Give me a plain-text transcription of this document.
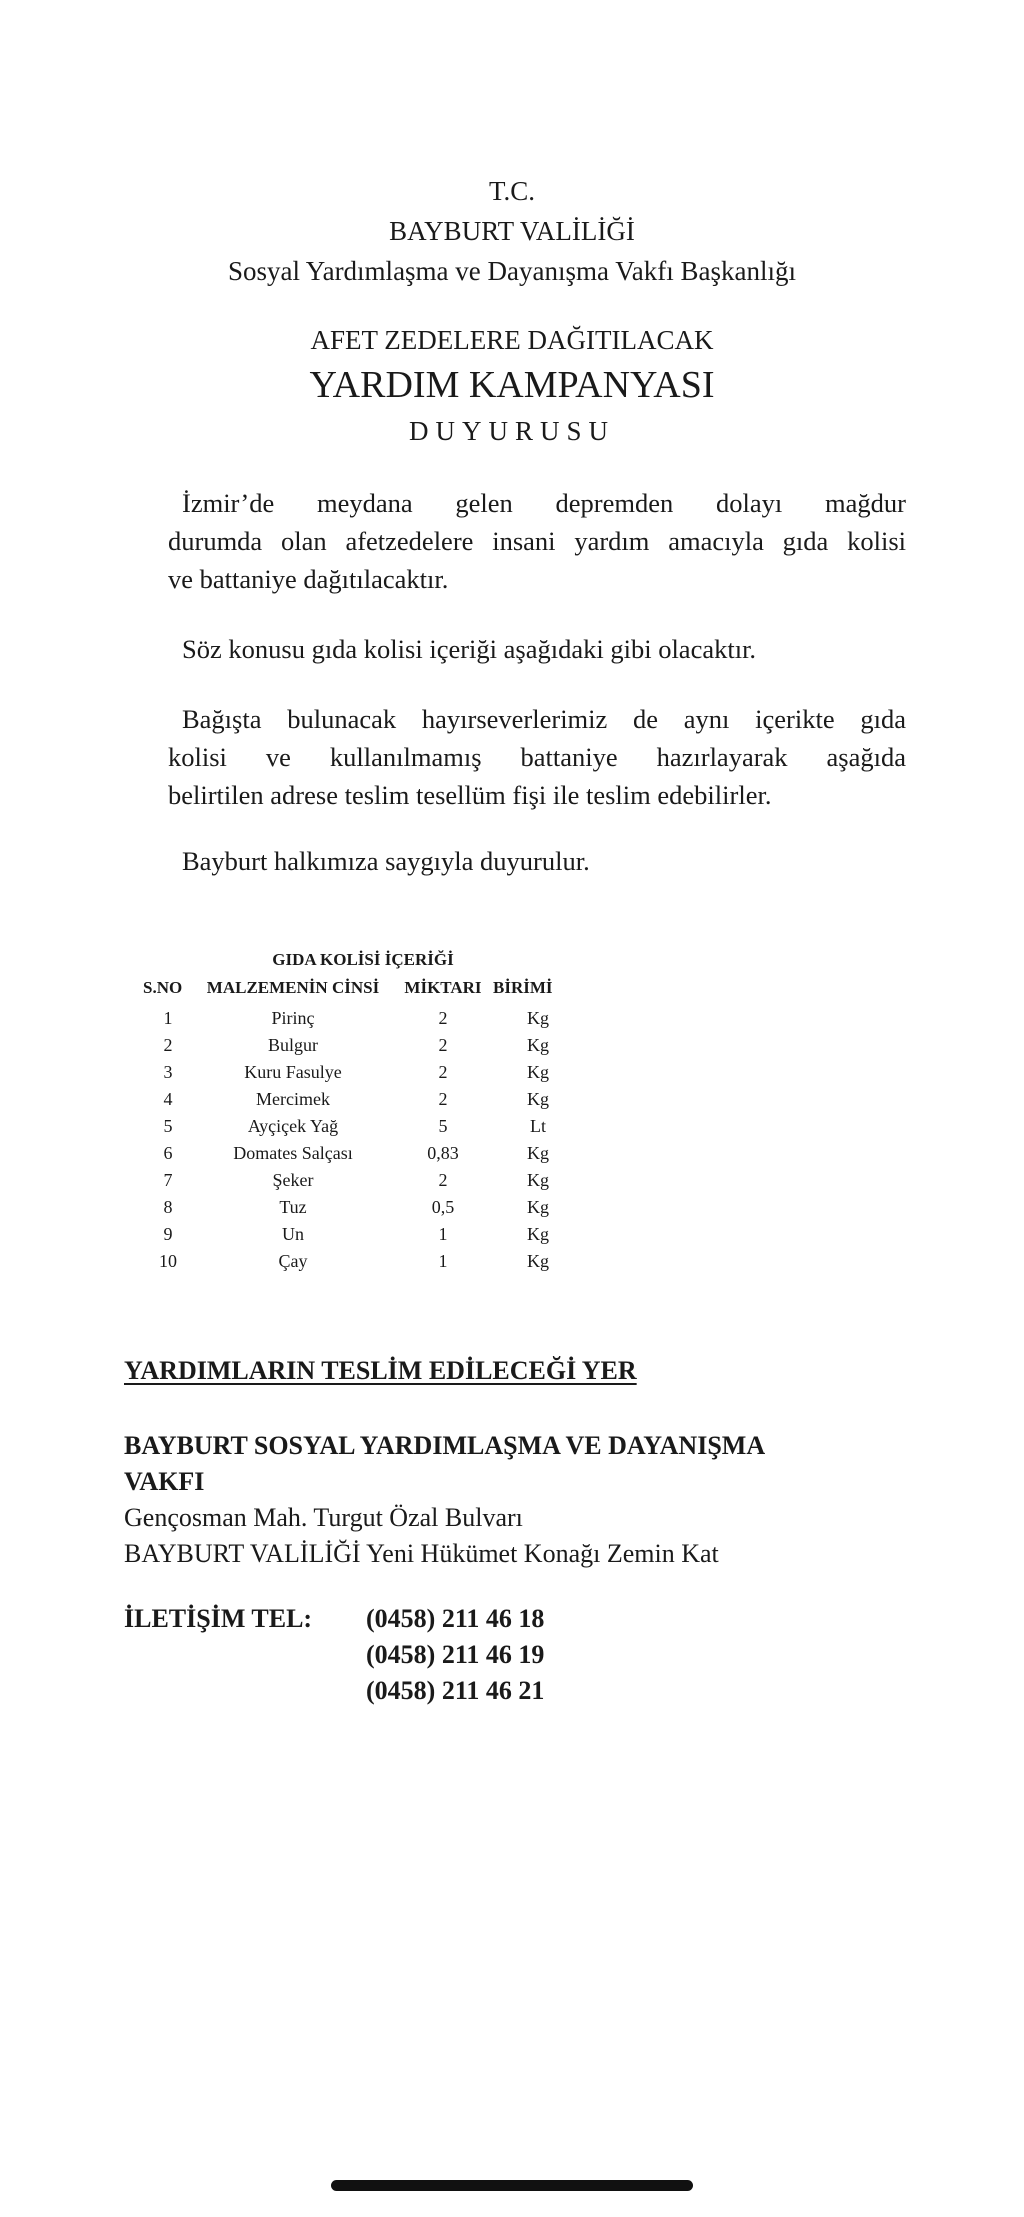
T.C.
BAYBURT VALİLİĞİ
Sosyal Yardımlaşma ve Dayanışma Vakfı Başkanlığı
AFET ZEDELERE DAĞITILACAK
YARDIM KAMPANYASI
DUYURUSU
İzmir’de meydana gelen depremden dolayı mağdur
durumda olan afetzedelere insani yardım amacıyla gıda kolisi
ve battaniye dağıtılacaktır.
Söz konusu gıda kolisi içeriği aşağıdaki gibi olacaktır.
Bağışta bulunacak hayırseverlerimiz de aynı içerikte gıda
kolisi ve kullanılmamış battaniye hazırlayarak aşağıda
belirtilen adrese teslim tesellüm fişi ile teslim edebilirler.
Bayburt halkımıza saygıyla duyurulur.
GIDA KOLİSİ İÇERİĞİ
S.NO	MALZEMENİN CİNSİ	MİKTARI BİRİMİ
1	Pirinç	2	Kg
2	Bulgur	2	Kg
3	Kuru Fasulye	2	Kg
4	Mercimek	2	Kg
5	Ayçiçek Yağ	5	Lt
6	Domates Salçası	0,83	Kg
7	Şeker	2	Kg
8	Tuz	0,5	Kg
9	Un	1	Kg
10	Çay	1	Kg
YARDIMLARIN TESLİM EDİLECEĞİ YER
BAYBURT SOSYAL YARDIMLAŞMA VE DAYANIŞMA
VAKFI
Gençosman Mah. Turgut Özal Bulvarı
BAYBURT VALİLİĞİ Yeni Hükümet Konağı Zemin Kat
İLETİŞİM TEL: (0458) 211 46 18
(0458) 211 46 19
(0458) 211 46 21
